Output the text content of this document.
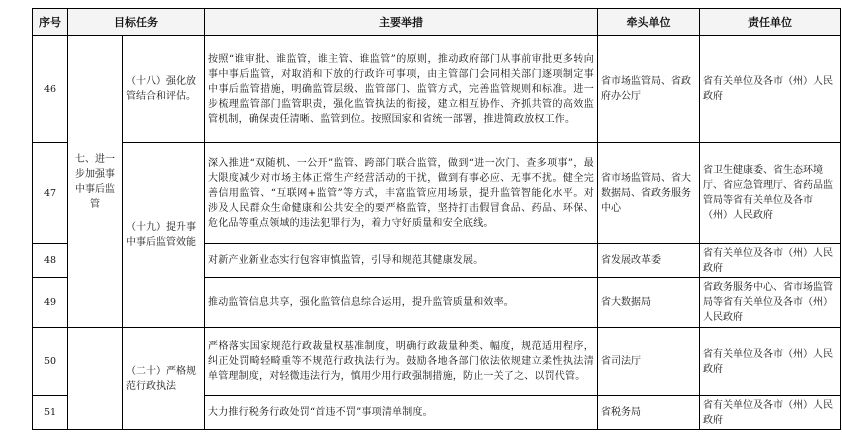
序号	目标任务		主要举措	牵头单位	责任单位
46	七、进一步加强事中事后监管	（十八）强化放管结合和评估。	按照“谁审批、谁监管，谁主管、谁监管”的原则，推动政府部门从事前审批更多转向事中事后监管，对取消和下放的行政许可事项，由主管部门会同相关部门逐项制定事中事后监管措施，明确监管层级、监管部门、监管方式，完善监管规则和标准。进一步梳理监管部门监管职责，强化监管执法的衔接，建立相互协作、齐抓共管的高效监管机制，确保责任清晰、监管到位。按照国家和省统一部署，推进简政放权工作。	省市场监管局、省政府办公厅	省有关单位及各市（州）人民政府
47		（十九）提升事中事后监管效能	深入推进“双随机、一公开”监管、跨部门联合监管，做到“进一次门、查多项事”，最大限度减少对市场主体正常生产经营活动的干扰，做到有事必应、无事不扰。健全完善信用监管、“互联网+监管”等方式，丰富监管应用场景，提升监管智能化水平。对涉及人民群众生命健康和公共安全的要严格监管，坚持打击假冒食品、药品、环保、危化品等重点领域的违法犯罪行为，着力守好质量和安全底线。	省市场监管局、省大数据局、省政务服务中心	省卫生健康委、省生态环境厅、省应急管理厅、省药品监管局等省有关单位及各市（州）人民政府
48			对新产业新业态实行包容审慎监管，引导和规范其健康发展。	省发展改革委	省有关单位及各市（州）人民政府
49			推动监管信息共享，强化监管信息综合运用，提升监管质量和效率。	省大数据局	省政务服务中心、省市场监管局等省有关单位及各市（州）人民政府
50		（二十）严格规范行政执法	严格落实国家规范行政裁量权基准制度，明确行政裁量种类、幅度，规范适用程序，纠正处罚畸轻畸重等不规范行政执法行为。鼓励各地各部门依法依规建立柔性执法清单管理制度，对轻微违法行为，慎用少用行政强制措施，防止一关了之、以罚代管。	省司法厅	省有关单位及各市（州）人民政府
51			大力推行税务行政处罚“首违不罚”事项清单制度。	省税务局	省有关单位及各市（州）人民政府
